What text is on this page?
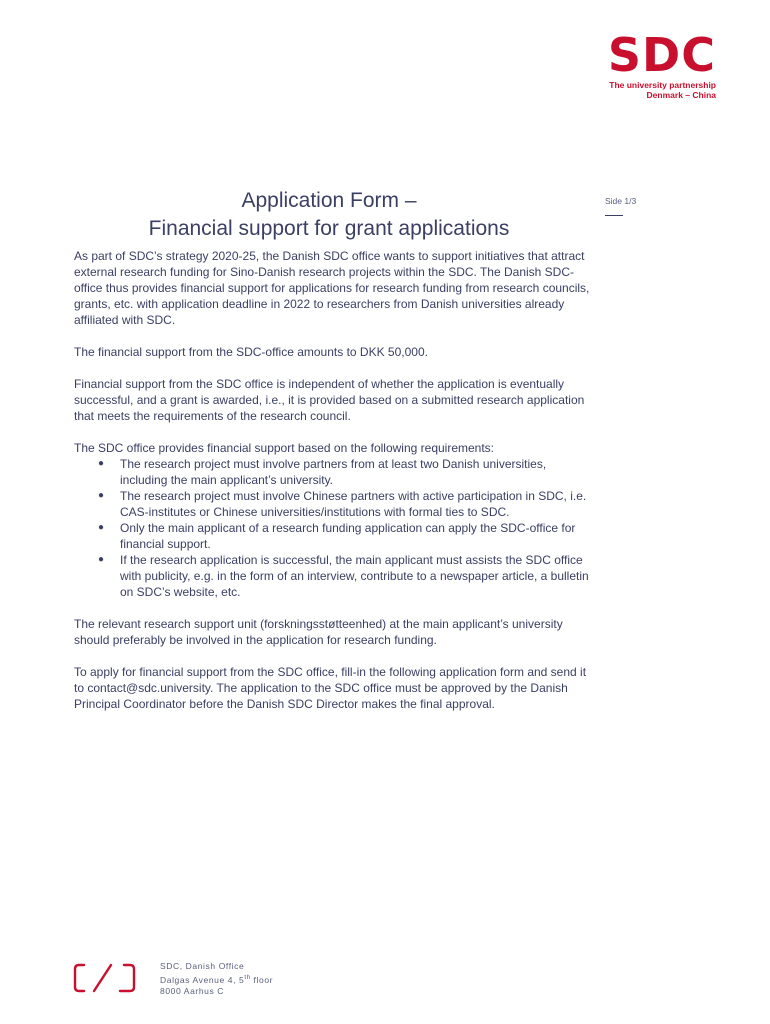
SDC
The university partnership
Denmark – China
Side 1/3
Application Form –
Financial support for grant applications

As part of SDC’s strategy 2020-25, the Danish SDC office wants to support initiatives that attract external research funding for Sino-Danish research projects within the SDC. The Danish SDC-office thus provides financial support for applications for research funding from research councils, grants, etc. with application deadline in 2022 to researchers from Danish universities already affiliated with SDC.

The financial support from the SDC-office amounts to DKK 50,000.

Financial support from the SDC office is independent of whether the application is eventually successful, and a grant is awarded, i.e., it is provided based on a submitted research application that meets the requirements of the research council.

The SDC office provides financial support based on the following requirements:

● The research project must involve partners from at least two Danish universities, including the main applicant’s university.
● The research project must involve Chinese partners with active participation in SDC, i.e. CAS-institutes or Chinese universities/institutions with formal ties to SDC.
● Only the main applicant of a research funding application can apply the SDC-office for financial support.
● If the research application is successful, the main applicant must assists the SDC office with publicity, e.g. in the form of an interview, contribute to a newspaper article, a bulletin on SDC’s website, etc.

The relevant research support unit (forskningsstøtteenhed) at the main applicant’s university should preferably be involved in the application for research funding.

To apply for financial support from the SDC office, fill-in the following application form and send it to contact@sdc.university. The application to the SDC office must be approved by the Danish Principal Coordinator before the Danish SDC Director makes the final approval.

SDC, Danish Office
Dalgas Avenue 4, 5th floor
8000 Aarhus C
